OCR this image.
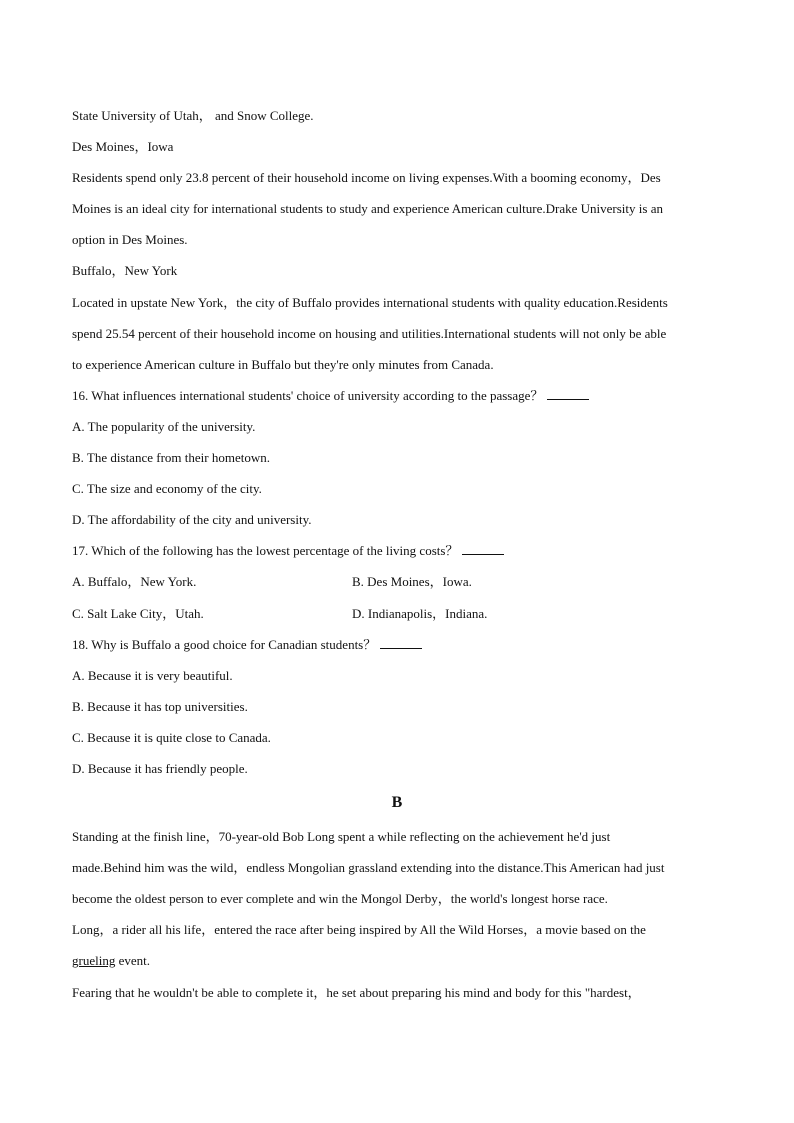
State University of Utah， and Snow College.

Des Moines，Iowa

Residents spend only 23.8 percent of their household income on living expenses.With a booming economy，Des

Moines is an ideal city for international students to study and experience American culture.Drake University is an

option in Des Moines.

Buffalo，New York

Located in upstate New York，the city of Buffalo provides international students with quality education.Residents

spend 25.54 percent of their household income on housing and utilities.International students will not only be able

to experience American culture in Buffalo but they're only minutes from Canada.

16. What influences international students' choice of university according to the passage？

A. The popularity of the university.

B. The distance from their hometown.

C. The size and economy of the city.

D. The affordability of the city and university.

17. Which of the following has the lowest percentage of the living costs？

A. Buffalo，New York.	B. Des Moines，Iowa.
C. Salt Lake City，Utah.	D. Indianapolis，Indiana.

18. Why is Buffalo a good choice for Canadian students？

A. Because it is very beautiful.

B. Because it has top universities.

C. Because it is quite close to Canada.

D. Because it has friendly people.

B

Standing at the finish line，70-year-old Bob Long spent a while reflecting on the achievement he'd just

made.Behind him was the wild，endless Mongolian grassland extending into the distance.This American had just

become the oldest person to ever complete and win the Mongol Derby，the world's longest horse race.

Long，a rider all his life，entered the race after being inspired by All the Wild Horses，a movie based on the

grueling event.

Fearing that he wouldn't be able to complete it，he set about preparing his mind and body for this "hardest，
